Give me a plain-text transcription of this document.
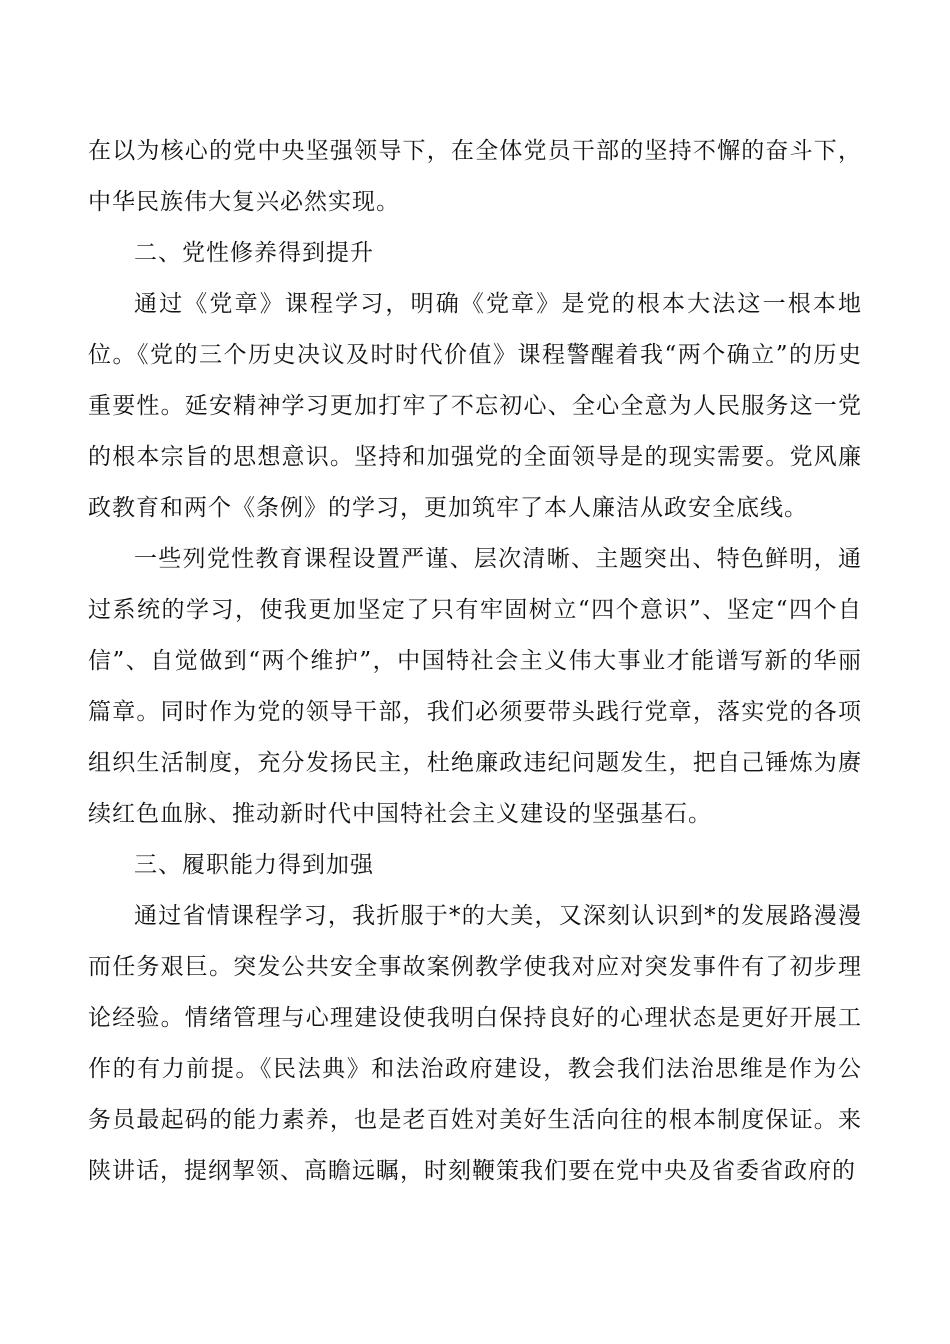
在以为核心的党中央坚强领导下，在全体党员干部的坚持不懈的奋斗下，中华民族伟大复兴必然实现。

二、党性修养得到提升

通过《党章》课程学习，明确《党章》是党的根本大法这一根本地位。《党的三个历史决议及时时代价值》课程警醒着我“两个确立”的历史重要性。延安精神学习更加打牢了不忘初心、全心全意为人民服务这一党的根本宗旨的思想意识。坚持和加强党的全面领导是的现实需要。党风廉政教育和两个《条例》的学习，更加筑牢了本人廉洁从政安全底线。

一些列党性教育课程设置严谨、层次清晰、主题突出、特色鲜明，通过系统的学习，使我更加坚定了只有牢固树立“四个意识”、坚定“四个自信”、自觉做到“两个维护”，中国特社会主义伟大事业才能谱写新的华丽篇章。同时作为党的领导干部，我们必须要带头践行党章，落实党的各项组织生活制度，充分发扬民主，杜绝廉政违纪问题发生，把自己锤炼为赓续红色血脉、推动新时代中国特社会主义建设的坚强基石。

三、履职能力得到加强

通过省情课程学习，我折服于*的大美，又深刻认识到*的发展路漫漫而任务艰巨。突发公共安全事故案例教学使我对应对突发事件有了初步理论经验。情绪管理与心理建设使我明白保持良好的心理状态是更好开展工作的有力前提。《民法典》和法治政府建设，教会我们法治思维是作为公务员最起码的能力素养，也是老百姓对美好生活向往的根本制度保证。来陕讲话，提纲挈领、高瞻远瞩，时刻鞭策我们要在党中央及省委省政府的
